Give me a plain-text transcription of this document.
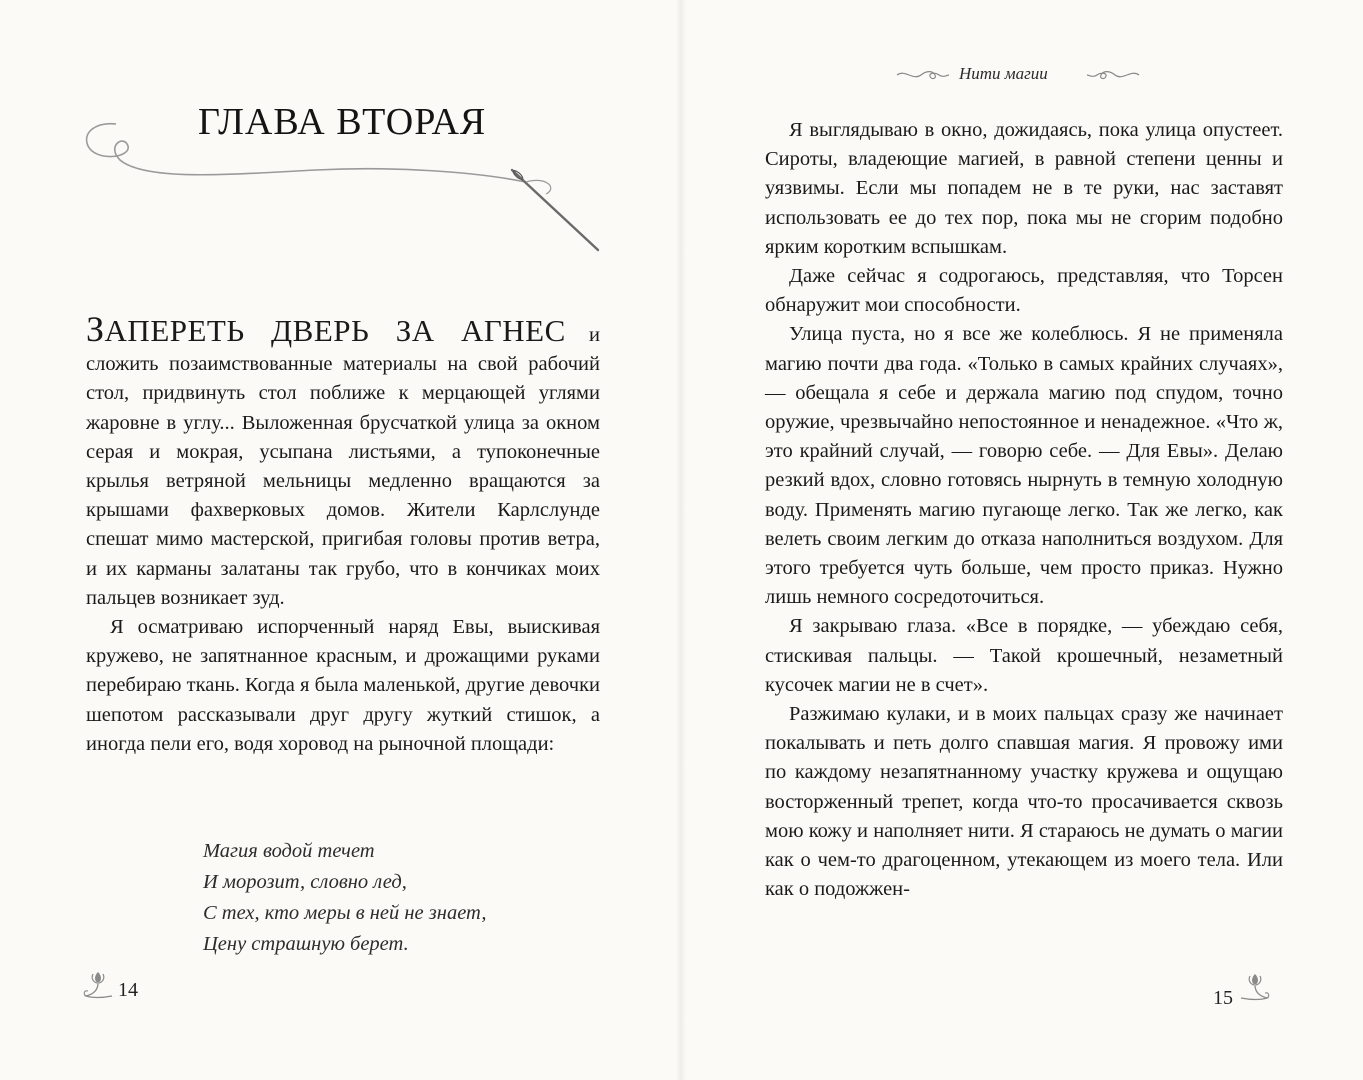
ГЛАВА ВТОРАЯ

ЗАПЕРЕТЬ ДВЕРЬ ЗА АГНЕС и сложить позаимствованные материалы на свой рабочий стол, придвинуть стол поближе к мерцающей углями жаровне в углу... Выложенная брусчаткой улица за окном серая и мокрая, усыпана листьями, а тупоконечные крылья ветряной мельницы медленно вращаются за крышами фахверковых домов. Жители Карлслунде спешат мимо мастерской, пригибая головы против ветра, и их карманы залатаны так грубо, что в кончиках моих пальцев возникает зуд.

Я осматриваю испорченный наряд Евы, выискивая кружево, не запятнанное красным, и дрожащими руками перебираю ткань. Когда я была маленькой, другие девочки шепотом рассказывали друг другу жуткий стишок, а иногда пели его, водя хоровод на рыночной площади:

Магия водой течет
И морозит, словно лед,
С тех, кто меры в ней не знает,
Цену страшную берет.
14
Нити магии

Я выглядываю в окно, дожидаясь, пока улица опустеет. Сироты, владеющие магией, в равной степени ценны и уязвимы. Если мы попадем не в те руки, нас заставят использовать ее до тех пор, пока мы не сгорим подобно ярким коротким вспышкам.

Даже сейчас я содрогаюсь, представляя, что Торсен обнаружит мои способности.

Улица пуста, но я все же колеблюсь. Я не применяла магию почти два года. «Только в самых крайних случаях», — обещала я себе и держала магию под спудом, точно оружие, чрезвычайно непостоянное и ненадежное. «Что ж, это крайний случай, — говорю себе. — Для Евы». Делаю резкий вдох, словно готовясь нырнуть в темную холодную воду. Применять магию пугающе легко. Так же легко, как велеть своим легким до отказа наполниться воздухом. Для этого требуется чуть больше, чем просто приказ. Нужно лишь немного сосредоточиться.

Я закрываю глаза. «Все в порядке, — убеждаю себя, стискивая пальцы. — Такой крошечный, незаметный кусочек магии не в счет».

Разжимаю кулаки, и в моих пальцах сразу же начинает покалывать и петь долго спавшая магия. Я провожу ими по каждому незапятнанному участку кружева и ощущаю восторженный трепет, когда что-то просачивается сквозь мою кожу и наполняет нити. Я стараюсь не думать о магии как о чем-то драгоценном, утекающем из моего тела. Или как о подожжен-

15
